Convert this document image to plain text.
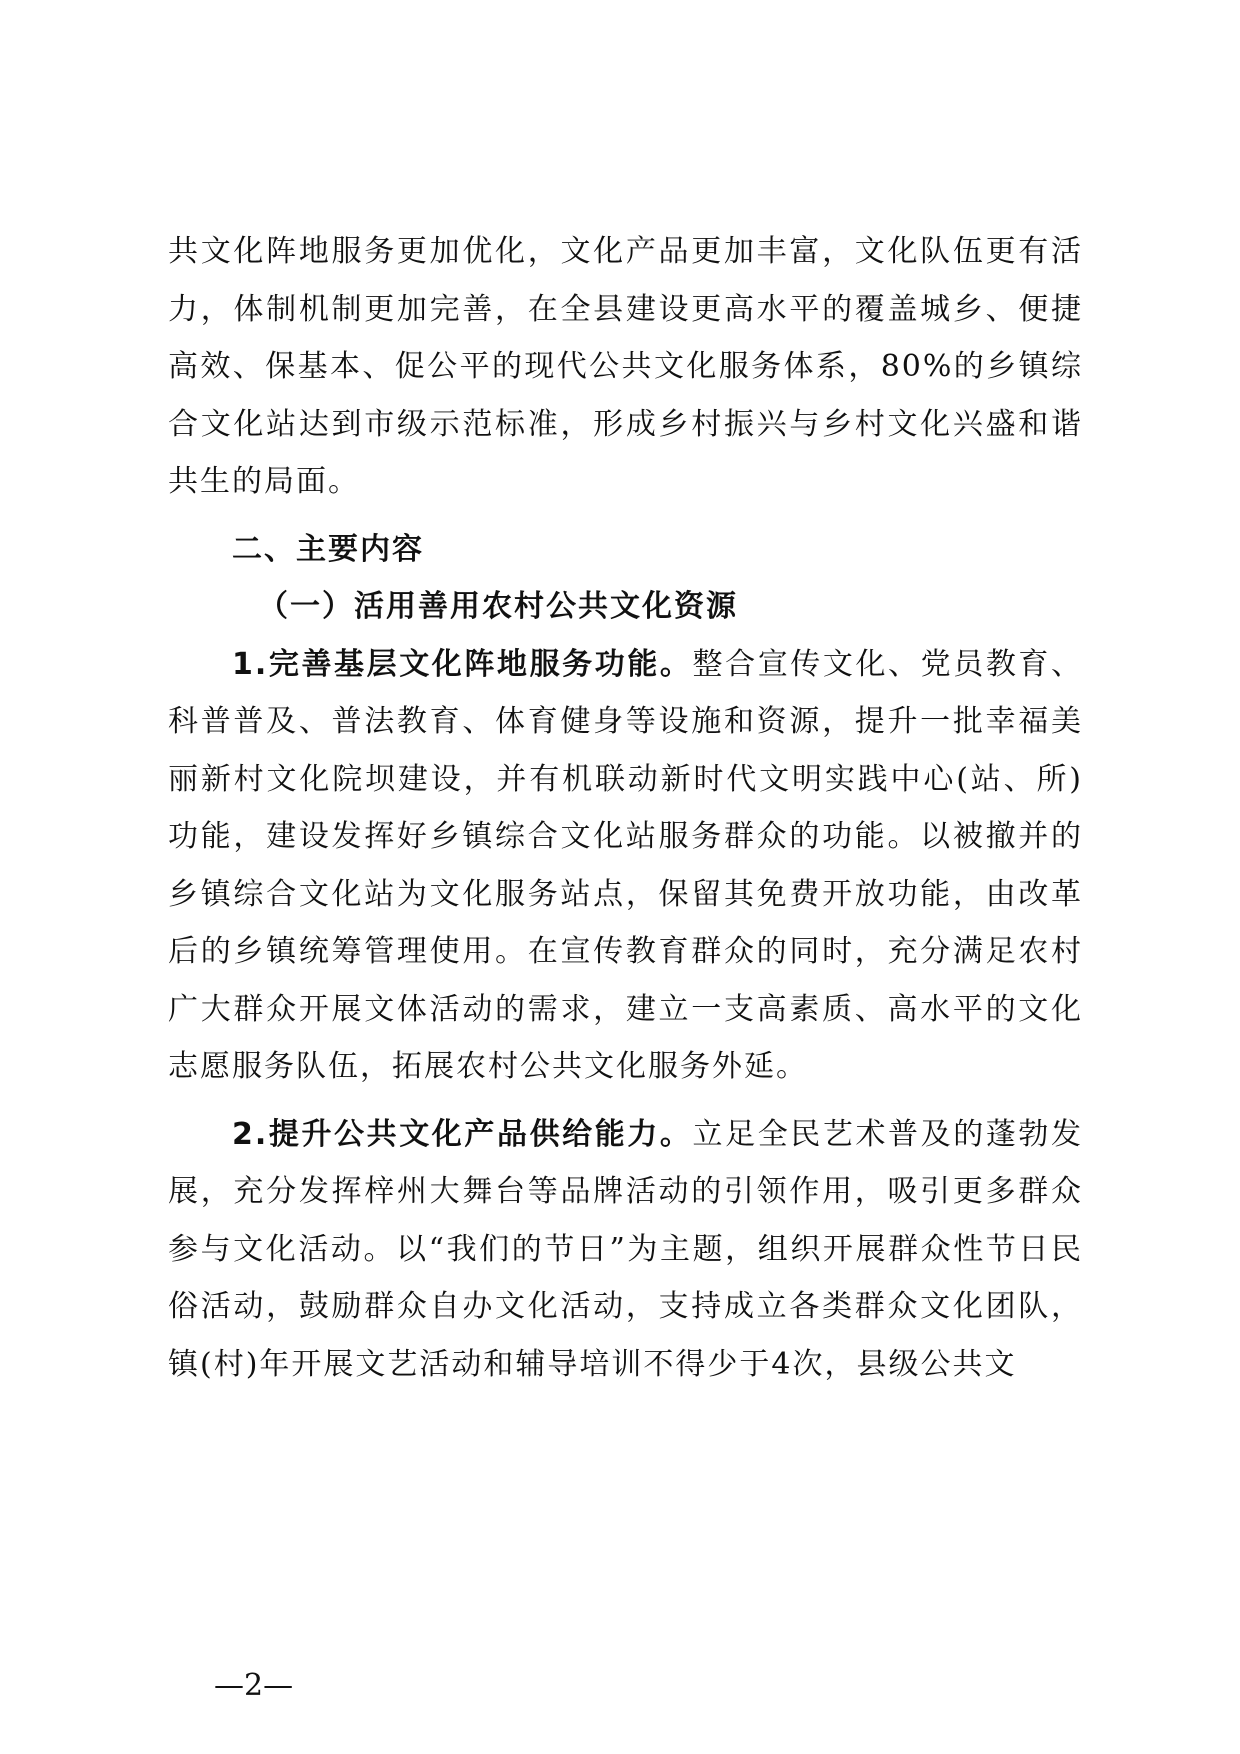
共文化阵地服务更加优化，文化产品更加丰富，文化队伍更有活力，体制机制更加完善，在全县建设更高水平的覆盖城乡、便捷高效、保基本、促公平的现代公共文化服务体系，80%的乡镇综合文化站达到市级示范标准，形成乡村振兴与乡村文化兴盛和谐共生的局面。

二、主要内容

（一）活用善用农村公共文化资源

1.完善基层文化阵地服务功能。整合宣传文化、党员教育、科普普及、普法教育、体育健身等设施和资源，提升一批幸福美丽新村文化院坝建设，并有机联动新时代文明实践中心(站、所)功能，建设发挥好乡镇综合文化站服务群众的功能。以被撤并的乡镇综合文化站为文化服务站点，保留其免费开放功能，由改革后的乡镇统筹管理使用。在宣传教育群众的同时，充分满足农村广大群众开展文体活动的需求，建立一支高素质、高水平的文化志愿服务队伍，拓展农村公共文化服务外延。

2.提升公共文化产品供给能力。立足全民艺术普及的蓬勃发展，充分发挥梓州大舞台等品牌活动的引领作用，吸引更多群众参与文化活动。以“我们的节日”为主题，组织开展群众性节日民俗活动，鼓励群众自办文化活动，支持成立各类群众文化团队，镇(村)年开展文艺活动和辅导培训不得少于4次，县级公共文

—2—
